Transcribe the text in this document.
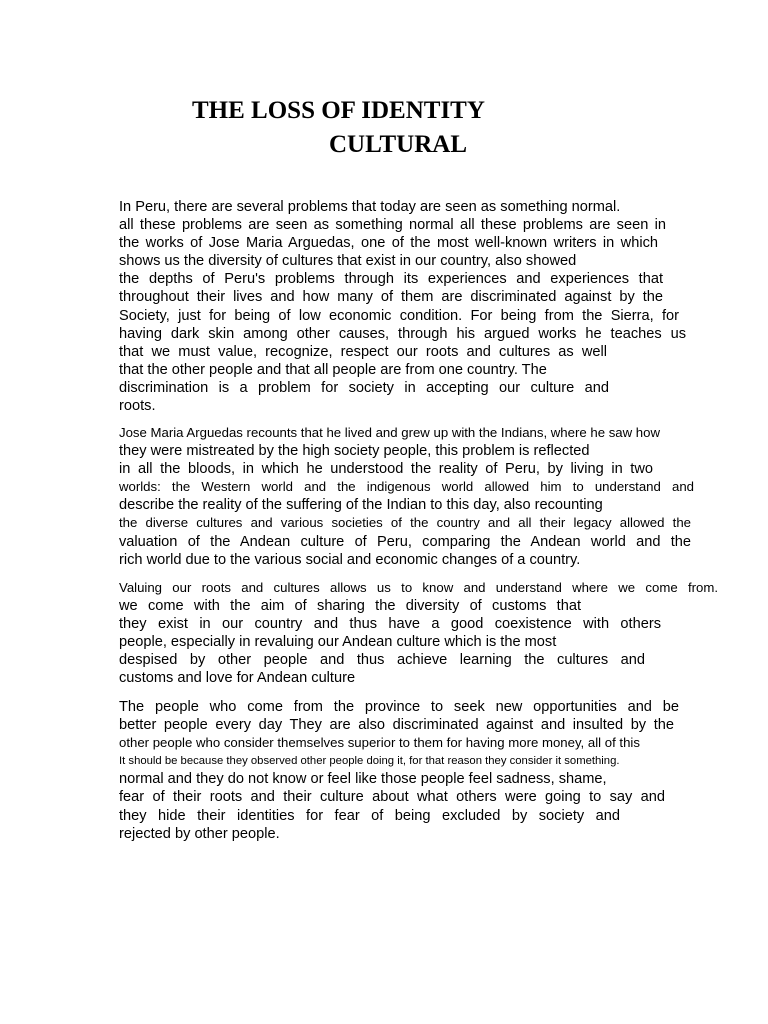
THE LOSS OF IDENTITY
CULTURAL
In Peru, there are several problems that today are seen as something normal.
all these problems are seen as something normal all these problems are seen in
the works of Jose Maria Arguedas, one of the most well-known writers in which
shows us the diversity of cultures that exist in our country, also showed
the depths of Peru's problems through its experiences and experiences that
throughout their lives and how many of them are discriminated against by the
Society, just for being of low economic condition. For being from the Sierra, for
having dark skin among other causes, through his argued works he teaches us
that we must value, recognize, respect our roots and cultures as well
that the other people and that all people are from one country. The
discrimination is a problem for society in accepting our culture and
roots.
Jose Maria Arguedas recounts that he lived and grew up with the Indians, where he saw how
they were mistreated by the high society people, this problem is reflected
in all the bloods, in which he understood the reality of Peru, by living in two
worlds: the Western world and the indigenous world allowed him to understand and
describe the reality of the suffering of the Indian to this day, also recounting
the diverse cultures and various societies of the country and all their legacy allowed the
valuation of the Andean culture of Peru, comparing the Andean world and the
rich world due to the various social and economic changes of a country.
Valuing our roots and cultures allows us to know and understand where we come from.
we come with the aim of sharing the diversity of customs that
they exist in our country and thus have a good coexistence with others
people, especially in revaluing our Andean culture which is the most
despised by other people and thus achieve learning the cultures and
customs and love for Andean culture
The people who come from the province to seek new opportunities and be
better people every day They are also discriminated against and insulted by the
other people who consider themselves superior to them for having more money, all of this
It should be because they observed other people doing it, for that reason they consider it something.
normal and they do not know or feel like those people feel sadness, shame,
fear of their roots and their culture about what others were going to say and
they hide their identities for fear of being excluded by society and
rejected by other people.
